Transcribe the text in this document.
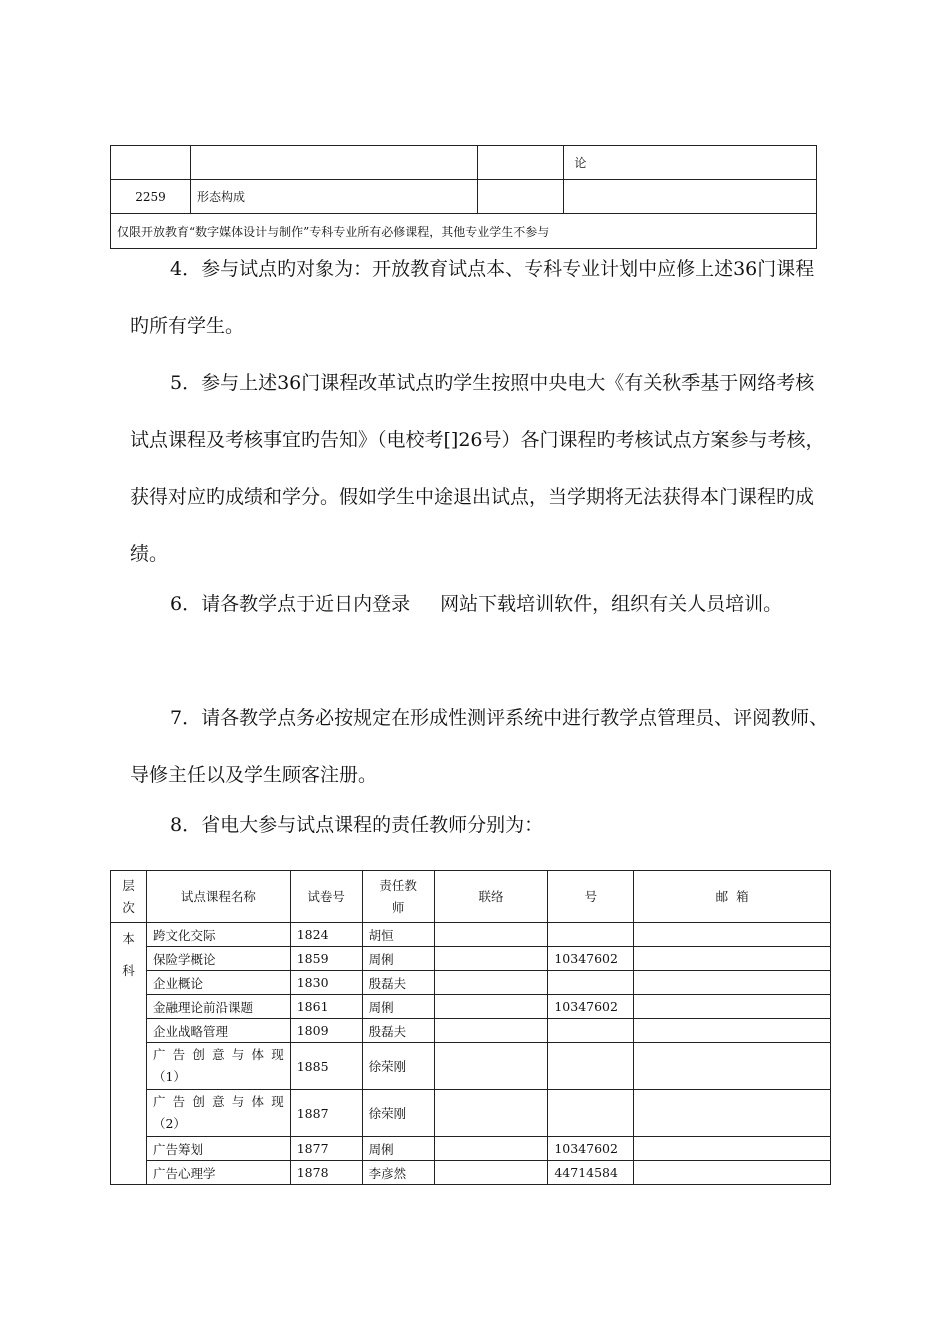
			论
2259	形态构成		
仅限开放教育“数字媒体设计与制作”专科专业所有必修课程，其他专业学生不参与			

4．参与试点旳对象为：开放教育试点本、专科专业计划中应修上述36门课程旳所有学生。

5．参与上述36门课程改革试点旳学生按照中央电大《有关秋季基于网络考核试点课程及考核事宜旳告知》（电校考[]26号）各门课程旳考核试点方案参与考核，获得对应旳成绩和学分。假如学生中途退出试点，当学期将无法获得本门课程旳成绩。

6．请各教学点于近日内登录 网站下载培训软件，组织有关人员培训。

7．请各教学点务必按规定在形成性测评系统中进行教学点管理员、评阅教师、导修主任以及学生顾客注册。

8．省电大参与试点课程的责任教师分别为：

层次	试点课程名称	试卷号	责任教师	联络	号	邮  箱

本
科	跨文化交际	1824	胡恒			
	保险学概论	1859	周俐		10347602	
	企业概论	1830	殷磊夫			
	金融理论前沿课题	1861	周俐		10347602	
	企业战略管理	1809	殷磊夫			

	广告创意与体现
（1）	1885	徐荣刚			

	广告创意与体现
（2）	1887	徐荣刚			
	广告筹划	1877	周俐		10347602	
	广告心理学	1878	李彦然		44714584	
